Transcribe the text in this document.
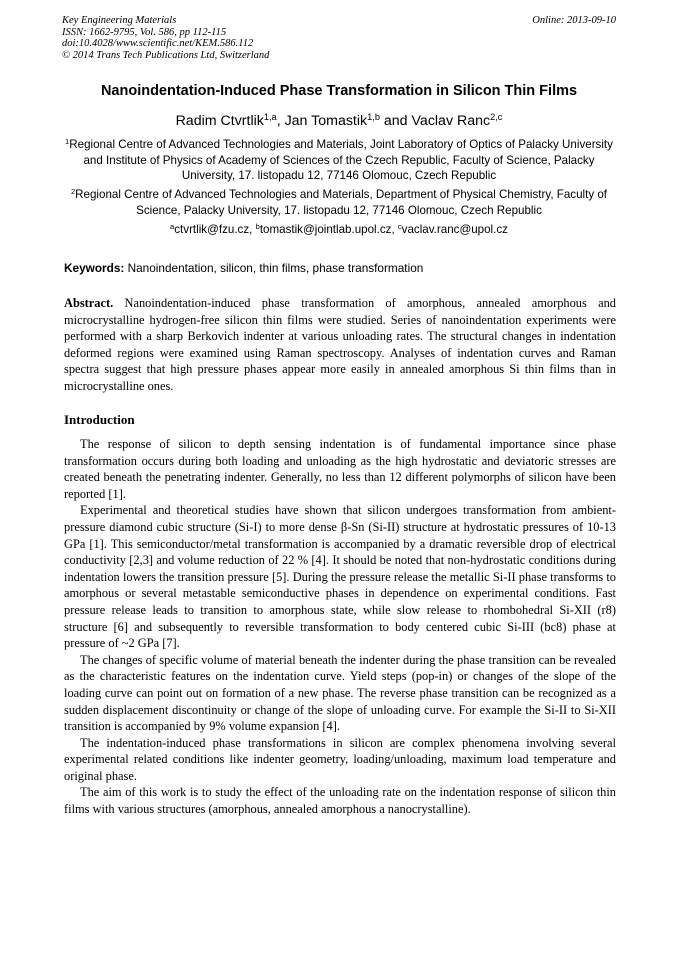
Key Engineering Materials
ISSN: 1662-9795, Vol. 586, pp 112-115
doi:10.4028/www.scientific.net/KEM.586.112
© 2014 Trans Tech Publications Ltd, Switzerland
Online: 2013-09-10
Nanoindentation-Induced Phase Transformation in Silicon Thin Films
Radim Ctvrtlik$^{1,a}$, Jan Tomastik$^{1,b}$ and Vaclav Ranc$^{2,c}$
$^1$Regional Centre of Advanced Technologies and Materials, Joint Laboratory of Optics of Palacky University and Institute of Physics of Academy of Sciences of the Czech Republic, Faculty of Science, Palacky University, 17. listopadu 12, 77146 Olomouc, Czech Republic
$^2$Regional Centre of Advanced Technologies and Materials, Department of Physical Chemistry, Faculty of Science, Palacky University, 17. listopadu 12, 77146 Olomouc, Czech Republic
$^a$ctvrtlik@fzu.cz, $^b$tomastik@jointlab.upol.cz, $^c$vaclav.ranc@upol.cz
Keywords: Nanoindentation, silicon, thin films, phase transformation
Abstract. Nanoindentation-induced phase transformation of amorphous, annealed amorphous and microcrystalline hydrogen-free silicon thin films were studied. Series of nanoindentation experiments were performed with a sharp Berkovich indenter at various unloading rates. The structural changes in indentation deformed regions were examined using Raman spectroscopy. Analyses of indentation curves and Raman spectra suggest that high pressure phases appear more easily in annealed amorphous Si thin films than in microcrystalline ones.
Introduction

The response of silicon to depth sensing indentation is of fundamental importance since phase transformation occurs during both loading and unloading as the high hydrostatic and deviatoric stresses are created beneath the penetrating indenter. Generally, no less than 12 different polymorphs of silicon have been reported [1].

Experimental and theoretical studies have shown that silicon undergoes transformation from ambient-pressure diamond cubic structure (Si-I) to more dense β-Sn (Si-II) structure at hydrostatic pressures of 10-13 GPa [1]. This semiconductor/metal transformation is accompanied by a dramatic reversible drop of electrical conductivity [2,3] and volume reduction of 22 % [4]. It should be noted that non-hydrostatic conditions during indentation lowers the transition pressure [5]. During the pressure release the metallic Si-II phase transforms to amorphous or several metastable semiconductive phases in dependence on experimental conditions. Fast pressure release leads to transition to amorphous state, while slow release to rhombohedral Si-XII (r8) structure [6] and subsequently to reversible transformation to body centered cubic Si-III (bc8) phase at pressure of ~2 GPa [7].

The changes of specific volume of material beneath the indenter during the phase transition can be revealed as the characteristic features on the indentation curve. Yield steps (pop-in) or changes of the slope of the loading curve can point out on formation of a new phase. The reverse phase transition can be recognized as a sudden displacement discontinuity or change of the slope of unloading curve. For example the Si-II to Si-XII transition is accompanied by 9% volume expansion [4].

The indentation-induced phase transformations in silicon are complex phenomena involving several experimental related conditions like indenter geometry, loading/unloading, maximum load temperature and original phase.

The aim of this work is to study the effect of the unloading rate on the indentation response of silicon thin films with various structures (amorphous, annealed amorphous a nanocrystalline).
